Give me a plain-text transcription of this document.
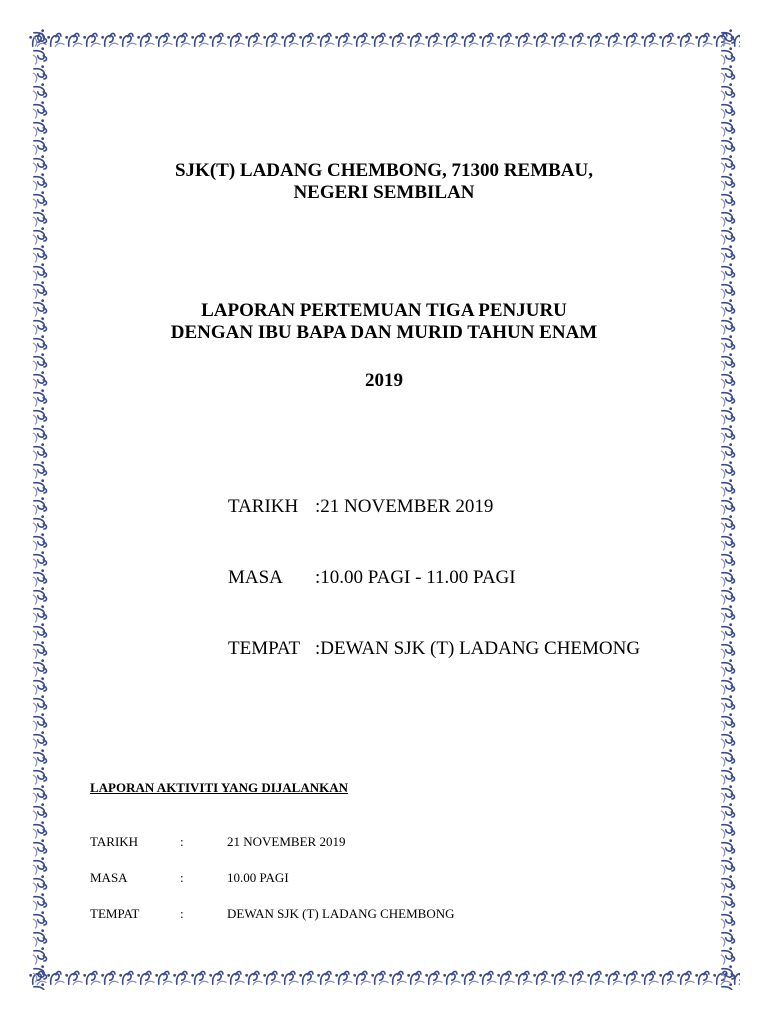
SJK(T) LADANG CHEMBONG, 71300 REMBAU,
NEGERI SEMBILAN
LAPORAN PERTEMUAN TIGA PENJURU
DENGAN IBU BAPA DAN MURID TAHUN ENAM
2019
TARIKH :21 NOVEMBER 2019
MASA :10.00 PAGI - 11.00 PAGI
TEMPAT :DEWAN SJK (T) LADANG CHEMONG
LAPORAN AKTIVITI YANG DIJALANKAN
TARIKH	:	21 NOVEMBER 2019
MASA	:	10.00 PAGI
TEMPAT	:	DEWAN SJK (T) LADANG CHEMBONG
